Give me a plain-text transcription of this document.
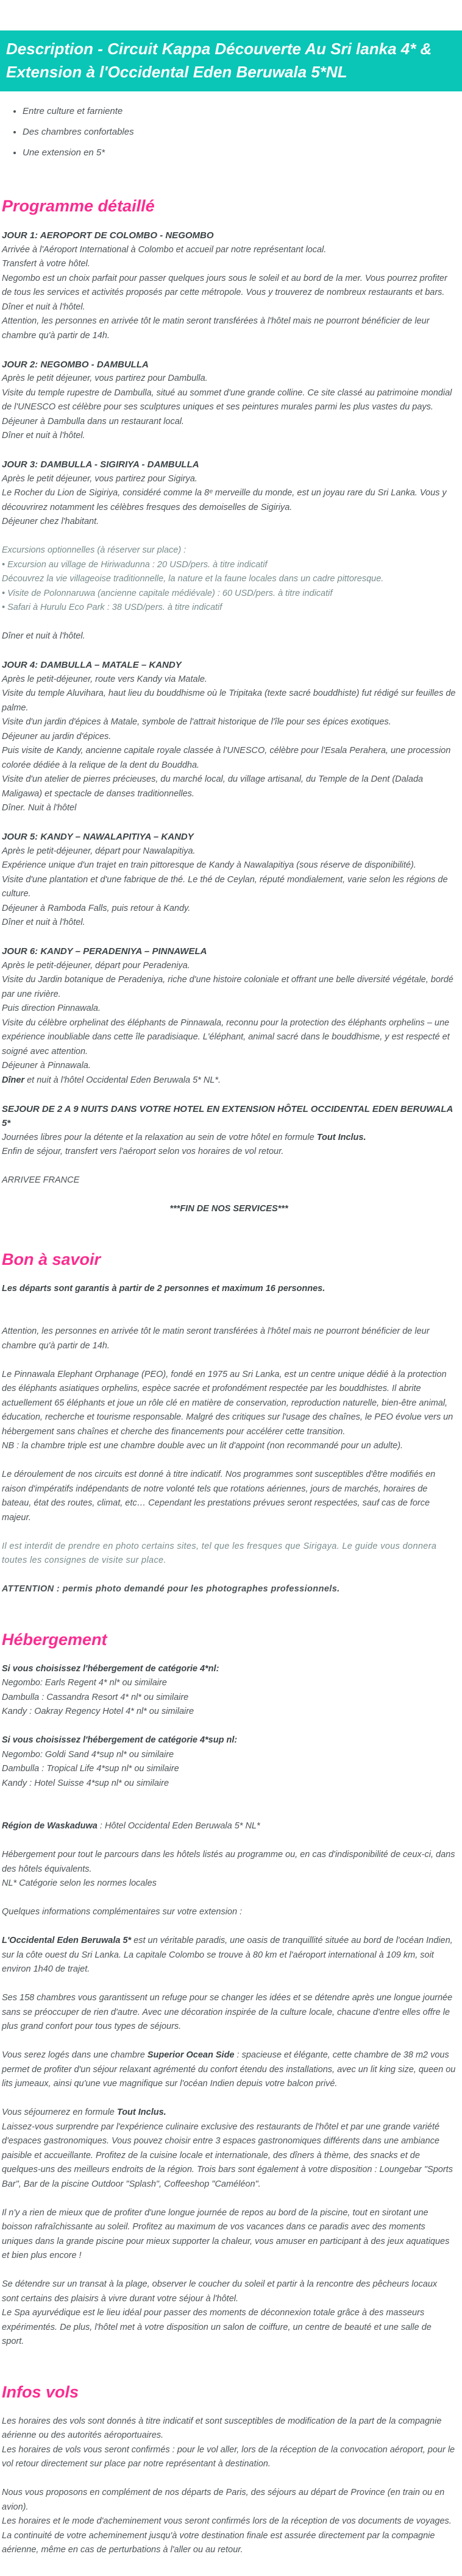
Description - Circuit Kappa Découverte Au Sri lanka 4* & Extension à l'Occidental Eden Beruwala 5*NL
• Entre culture et farniente
• Des chambres confortables
• Une extension en 5*
Programme détaillé

JOUR 1: AEROPORT DE COLOMBO - NEGOMBO

Arrivée à l'Aéroport International à Colombo et accueil par notre représentant local.

Transfert à votre hôtel.

Negombo est un choix parfait pour passer quelques jours sous le soleil et au bord de la mer. Vous pourrez profiter de tous les services et activités proposés par cette métropole. Vous y trouverez de nombreux restaurants et bars.

Dîner et nuit à l'hôtel.

Attention, les personnes en arrivée tôt le matin seront transférées à l'hôtel mais ne pourront bénéficier de leur chambre qu'à partir de 14h.

JOUR 2: NEGOMBO - DAMBULLA

Après le petit déjeuner, vous partirez pour Dambulla.

Visite du temple rupestre de Dambulla, situé au sommet d'une grande colline. Ce site classé au patrimoine mondial de l'UNESCO est célèbre pour ses sculptures uniques et ses peintures murales parmi les plus vastes du pays.

Déjeuner à Dambulla dans un restaurant local.

Dîner et nuit à l'hôtel.

JOUR 3: DAMBULLA - SIGIRIYA - DAMBULLA

Après le petit déjeuner, vous partirez pour Sigirya.

Le Rocher du Lion de Sigiriya, considéré comme la 8ᵉ merveille du monde, est un joyau rare du Sri Lanka. Vous y découvrirez notamment les célèbres fresques des demoiselles de Sigiriya.

Déjeuner chez l'habitant.

Excursions optionnelles (à réserver sur place) :

• Excursion au village de Hiriwadunna : 20 USD/pers. à titre indicatif

Découvrez la vie villageoise traditionnelle, la nature et la faune locales dans un cadre pittoresque.

• Visite de Polonnaruwa (ancienne capitale médiévale) : 60 USD/pers. à titre indicatif

• Safari à Hurulu Eco Park : 38 USD/pers. à titre indicatif

Dîner et nuit à l'hôtel.

JOUR 4: DAMBULLA – MATALE – KANDY

Après le petit-déjeuner, route vers Kandy via Matale.

Visite du temple Aluvihara, haut lieu du bouddhisme où le Tripitaka (texte sacré bouddhiste) fut rédigé sur feuilles de palme.

Visite d'un jardin d'épices à Matale, symbole de l'attrait historique de l'île pour ses épices exotiques.

Déjeuner au jardin d'épices.

Puis visite de Kandy, ancienne capitale royale classée à l'UNESCO, célèbre pour l'Esala Perahera, une procession colorée dédiée à la relique de la dent du Bouddha.

Visite d'un atelier de pierres précieuses, du marché local, du village artisanal, du Temple de la Dent (Dalada Maligawa) et spectacle de danses traditionnelles.

Dîner. Nuit à l'hôtel

JOUR 5: KANDY – NAWALAPITIYA – KANDY

Après le petit-déjeuner, départ pour Nawalapitiya.

Expérience unique d'un trajet en train pittoresque de Kandy à Nawalapitiya (sous réserve de disponibilité).

Visite d'une plantation et d'une fabrique de thé. Le thé de Ceylan, réputé mondialement, varie selon les régions de culture.

Déjeuner à Ramboda Falls, puis retour à Kandy.

Dîner et nuit à l'hôtel.

JOUR 6: KANDY – PERADENIYA – PINNAWELA

Après le petit-déjeuner, départ pour Peradeniya.

Visite du Jardin botanique de Peradeniya, riche d'une histoire coloniale et offrant une belle diversité végétale, bordé par une rivière.

Puis direction Pinnawala.

Visite du célèbre orphelinat des éléphants de Pinnawala, reconnu pour la protection des éléphants orphelins – une expérience inoubliable dans cette île paradisiaque. L'éléphant, animal sacré dans le bouddhisme, y est respecté et soigné avec attention.

Déjeuner à Pinnawala.

Dîner et nuit à l'hôtel Occidental Eden Beruwala 5* NL*.

SEJOUR DE 2 A 9 NUITS DANS VOTRE HOTEL EN EXTENSION HÔTEL OCCIDENTAL EDEN BERUWALA 5*

Journées libres pour la détente et la relaxation au sein de votre hôtel en formule Tout Inclus.

Enfin de séjour, transfert vers l'aéroport selon vos horaires de vol retour.

ARRIVEE FRANCE

***FIN DE NOS SERVICES***

Bon à savoir

Les départs sont garantis à partir de 2 personnes et maximum 16 personnes.

Attention, les personnes en arrivée tôt le matin seront transférées à l'hôtel mais ne pourront bénéficier de leur chambre qu'à partir de 14h.

Le Pinnawala Elephant Orphanage (PEO), fondé en 1975 au Sri Lanka, est un centre unique dédié à la protection des éléphants asiatiques orphelins, espèce sacrée et profondément respectée par les bouddhistes. Il abrite actuellement 65 éléphants et joue un rôle clé en matière de conservation, reproduction naturelle, bien-être animal, éducation, recherche et tourisme responsable. Malgré des critiques sur l'usage des chaînes, le PEO évolue vers un hébergement sans chaînes et cherche des financements pour accélérer cette transition.

NB : la chambre triple est une chambre double avec un lit d'appoint (non recommandé pour un adulte).

Le déroulement de nos circuits est donné à titre indicatif. Nos programmes sont susceptibles d'être modifiés en raison d'impératifs indépendants de notre volonté tels que rotations aériennes, jours de marchés, horaires de bateau, état des routes, climat, etc… Cependant les prestations prévues seront respectées, sauf cas de force majeur.

Il est interdit de prendre en photo certains sites, tel que les fresques que Sirigaya. Le guide vous donnera toutes les consignes de visite sur place.

ATTENTION : permis photo demandé pour les photographes professionnels.

Hébergement

Si vous choisissez l'hébergement de catégorie 4*nl:

Negombo: Earls Regent 4* nl* ou similaire

Dambulla : Cassandra Resort 4* nl* ou similaire

Kandy : Oakray Regency Hotel 4* nl* ou similaire

Si vous choisissez l'hébergement de catégorie 4*sup nl:

Negombo: Goldi Sand 4*sup nl* ou similaire

Dambulla : Tropical Life 4*sup nl* ou similaire

Kandy : Hotel Suisse 4*sup nl* ou similaire

Région de Waskaduwa : Hôtel Occidental Eden Beruwala 5* NL*

Hébergement pour tout le parcours dans les hôtels listés au programme ou, en cas d'indisponibilité de ceux-ci, dans des hôtels équivalents.

NL* Catégorie selon les normes locales

Quelques informations complémentaires sur votre extension :

L'Occidental Eden Beruwala 5* est un véritable paradis, une oasis de tranquillité située au bord de l'océan Indien, sur la côte ouest du Sri Lanka. La capitale Colombo se trouve à 80 km et l'aéroport international à 109 km, soit environ 1h40 de trajet.

Ses 158 chambres vous garantissent un refuge pour se changer les idées et se détendre après une longue journée sans se préoccuper de rien d'autre. Avec une décoration inspirée de la culture locale, chacune d'entre elles offre le plus grand confort pour tous types de séjours.

Vous serez logés dans une chambre Superior Ocean Side : spacieuse et élégante, cette chambre de 38 m2 vous permet de profiter d'un séjour relaxant agrémenté du confort étendu des installations, avec un lit king size, queen ou lits jumeaux, ainsi qu'une vue magnifique sur l'océan Indien depuis votre balcon privé.

Vous séjournerez en formule Tout Inclus.

Laissez-vous surprendre par l'expérience culinaire exclusive des restaurants de l'hôtel et par une grande variété d'espaces gastronomiques. Vous pouvez choisir entre 3 espaces gastronomiques différents dans une ambiance paisible et accueillante. Profitez de la cuisine locale et internationale, des dîners à thème, des snacks et de quelques-uns des meilleurs endroits de la région. Trois bars sont également à votre disposition : Loungebar "Sports Bar", Bar de la piscine Outdoor "Splash", Coffeeshop "Caméléon".

Il n'y a rien de mieux que de profiter d'une longue journée de repos au bord de la piscine, tout en sirotant une boisson rafraîchissante au soleil. Profitez au maximum de vos vacances dans ce paradis avec des moments uniques dans la grande piscine pour mieux supporter la chaleur, vous amuser en participant à des jeux aquatiques et bien plus encore !

Se détendre sur un transat à la plage, observer le coucher du soleil et partir à la rencontre des pêcheurs locaux sont certains des plaisirs à vivre durant votre séjour à l'hôtel.

Le Spa ayurvédique est le lieu idéal pour passer des moments de déconnexion totale grâce à des masseurs expérimentés. De plus, l'hôtel met à votre disposition un salon de coiffure, un centre de beauté et une salle de sport.

Infos vols

Les horaires des vols sont donnés à titre indicatif et sont susceptibles de modification de la part de la compagnie aérienne ou des autorités aéroportuaires.

Les horaires de vols vous seront confirmés : pour le vol aller, lors de la réception de la convocation aéroport, pour le vol retour directement sur place par notre représentant à destination.

Nous vous proposons en complément de nos départs de Paris, des séjours au départ de Province (en train ou en avion).

Les horaires et le mode d'acheminement vous seront confirmés lors de la réception de vos documents de voyages.

La continuité de votre acheminement jusqu'à votre destination finale est assurée directement par la compagnie aérienne, même en cas de perturbations à l'aller ou au retour.
